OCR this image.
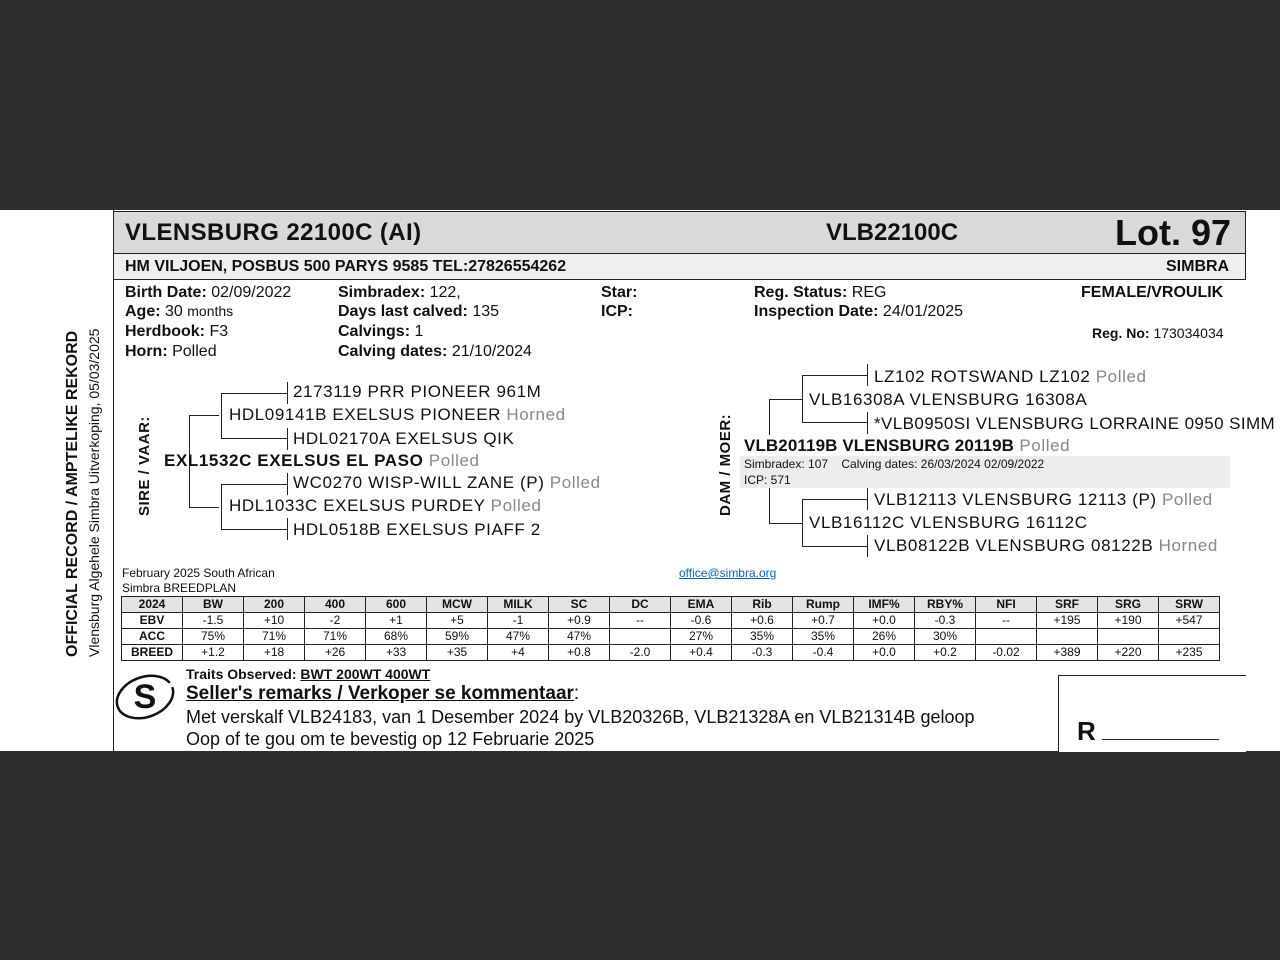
OFFICIAL RECORD / AMPTELIKE REKORD Vlensburg Algehele Simbra Uitverkoping, 05/03/2025
VLENSBURG 22100C (AI)	VLB22100C	Lot. 97
HM VILJOEN, POSBUS 500 PARYS 9585 TEL:27826554262	SIMBRA
Birth Date: 02/09/2022
Age: 30 months
Herdbook: F3
Horn: Polled
Simbradex: 122,
Days last calved: 135
Calvings: 1
Calving dates: 21/10/2024
Star:
ICP:
Reg. Status: REG
Inspection Date: 24/01/2025
FEMALE/VROULIK
Reg. No: 173034034
SIRE / VAAR:
2173119 PRR PIONEER 961M
HDL09141B EXELSUS PIONEER Horned
HDL02170A EXELSUS QIK
EXL1532C EXELSUS EL PASO Polled
WC0270 WISP-WILL ZANE (P) Polled
HDL1033C EXELSUS PURDEY Polled
HDL0518B EXELSUS PIAFF 2
DAM / MOER:
LZ102 ROTSWAND LZ102 Polled
VLB16308A VLENSBURG 16308A
*VLB0950SI VLENSBURG LORRAINE 0950 SIMM
VLB20119B VLENSBURG 20119B Polled
Simbradex: 107 Calving dates: 26/03/2024 02/09/2022
ICP: 571
VLB12113 VLENSBURG 12113 (P) Polled
VLB16112C VLENSBURG 16112C
VLB08122B VLENSBURG 08122B Horned
February 2025 South African
Simbra BREEDPLAN
office@simbra.org
2024	BW	200	400	600	MCW	MILK	SC	DC	EMA	Rib	Rump	IMF%	RBY%	NFI	SRF	SRG	SRW
EBV	-1.5	+10	-2	+1	+5	-1	+0.9	--	-0.6	+0.6	+0.7	+0.0	-0.3	--	+195	+190	+547
ACC	75%	71%	71%	68%	59%	47%	47%		27%	35%	35%	26%	30%				
BREED	+1.2	+18	+26	+33	+35	+4	+0.8	-2.0	+0.4	-0.3	-0.4	+0.0	+0.2	-0.02	+389	+220	+235
R ________________
S
Traits Observed: BWT 200WT 400WT
Seller's remarks / Verkoper se kommentaar:
Met verskalf VLB24183, van 1 Desember 2024 by VLB20326B, VLB21328A en VLB21314B geloop
Oop of te gou om te bevestig op 12 Februarie 2025
